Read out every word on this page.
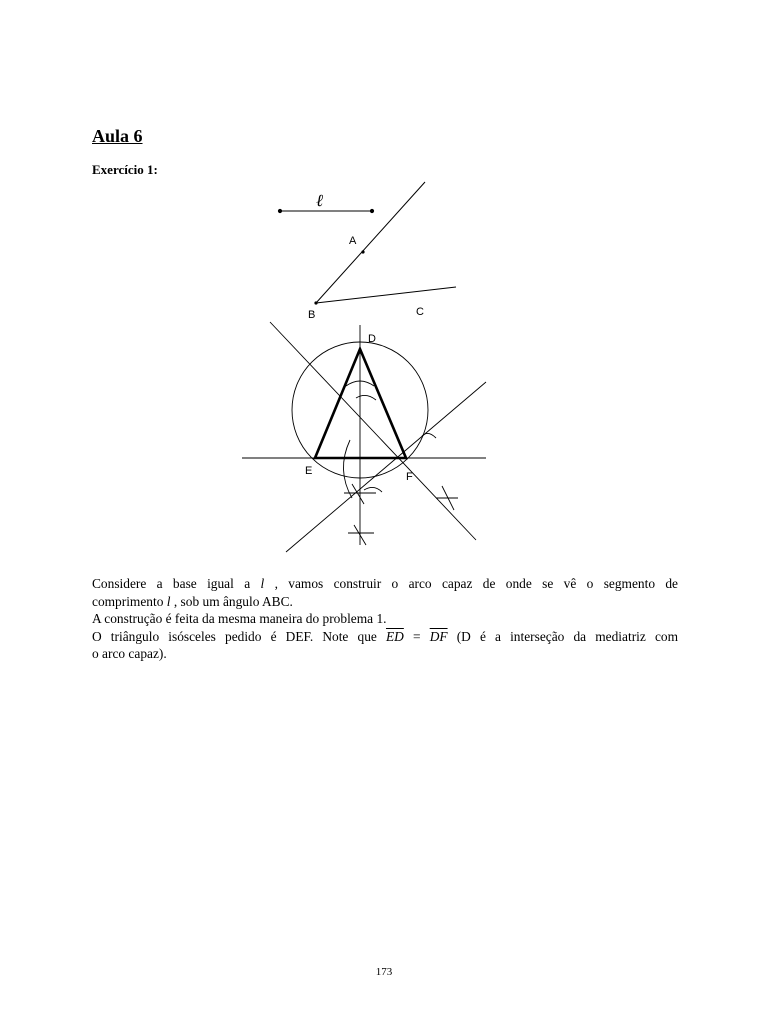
Aula 6
Exercício 1:
ℓ
A
B	C
D
E	F

Considere a base igual a l , vamos construir o arco capaz de onde se vê o segmento de

comprimento l , sob um ângulo ABC.

A construção é feita da mesma maneira do problema 1.

O triângulo isósceles pedido é DEF. Note que $\overline{ED} = \overline{DF}$ (D é a interseção da mediatriz com

o arco capaz).

173
